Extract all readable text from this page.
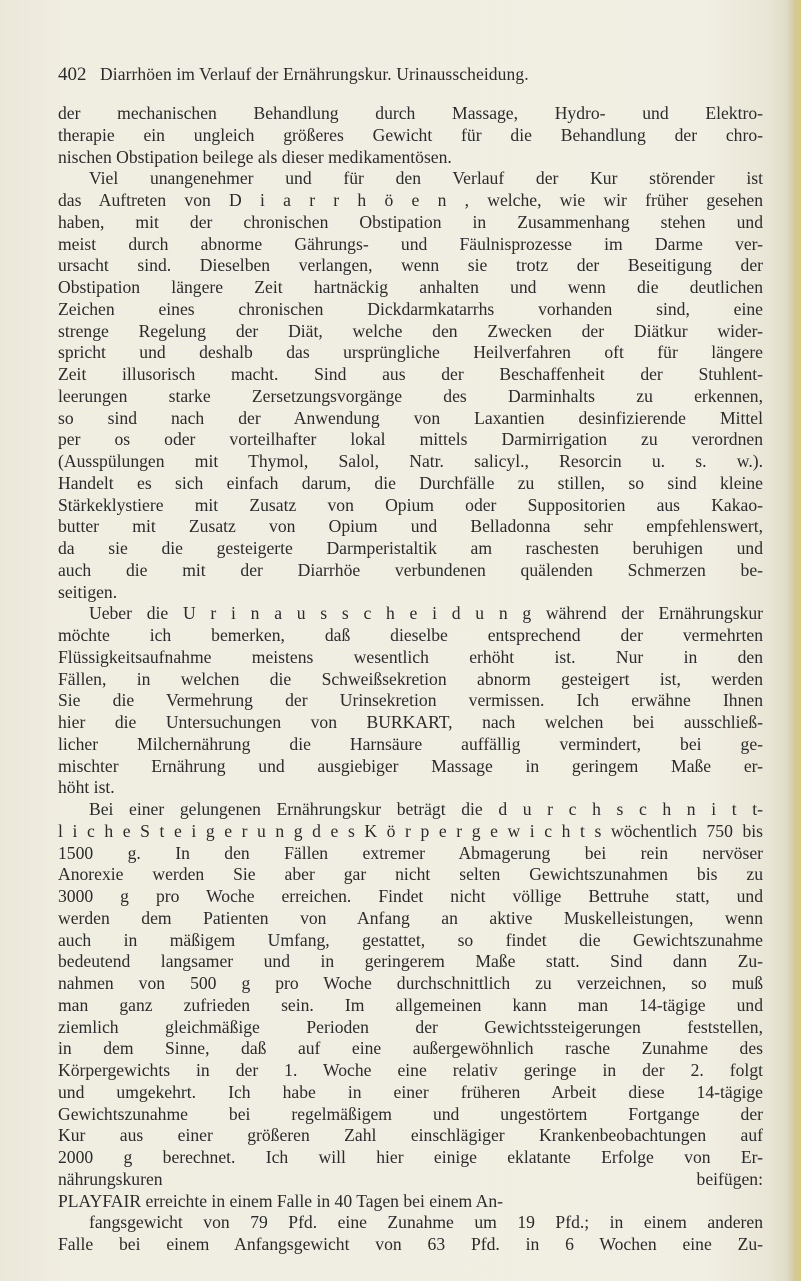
402 Diarrhöen im Verlauf der Ernährungskur. Urinausscheidung.
der mechanischen Behandlung durch Massage, Hydro- und Elektro-
therapie ein ungleich größeres Gewicht für die Behandlung der chro-
nischen Obstipation beilege als dieser medikamentösen.
Viel unangenehmer und für den Verlauf der Kur störender ist
das Auftreten von D i a r r h ö e n , welche, wie wir früher gesehen
haben, mit der chronischen Obstipation in Zusammenhang stehen und
meist durch abnorme Gährungs- und Fäulnisprozesse im Darme ver-
ursacht sind. Dieselben verlangen, wenn sie trotz der Beseitigung der
Obstipation längere Zeit hartnäckig anhalten und wenn die deutlichen
Zeichen eines chronischen Dickdarmkatarrhs vorhanden sind, eine
strenge Regelung der Diät, welche den Zwecken der Diätkur wider-
spricht und deshalb das ursprüngliche Heilverfahren oft für längere
Zeit illusorisch macht. Sind aus der Beschaffenheit der Stuhlent-
leerungen starke Zersetzungsvorgänge des Darminhalts zu erkennen,
so sind nach der Anwendung von Laxantien desinfizierende Mittel
per os oder vorteilhafter lokal mittels Darmirrigation zu verordnen
(Ausspülungen mit Thymol, Salol, Natr. salicyl., Resorcin u. s. w.).
Handelt es sich einfach darum, die Durchfälle zu stillen, so sind kleine
Stärkeklystiere mit Zusatz von Opium oder Suppositorien aus Kakao-
butter mit Zusatz von Opium und Belladonna sehr empfehlenswert,
da sie die gesteigerte Darmperistaltik am raschesten beruhigen und
auch die mit der Diarrhöe verbundenen quälenden Schmerzen be-
seitigen.
Ueber die U r i n a u s s c h e i d u n g während der Ernährungskur
möchte ich bemerken, daß dieselbe entsprechend der vermehrten
Flüssigkeitsaufnahme meistens wesentlich erhöht ist. Nur in den
Fällen, in welchen die Schweißsekretion abnorm gesteigert ist, werden
Sie die Vermehrung der Urinsekretion vermissen. Ich erwähne Ihnen
hier die Untersuchungen von BURKART, nach welchen bei ausschließ-
licher Milchernährung die Harnsäure auffällig vermindert, bei ge-
mischter Ernährung und ausgiebiger Massage in geringem Maße er-
höht ist.
Bei einer gelungenen Ernährungskur beträgt die d u r c h s c h n i t t-
l i c h e S t e i g e r u n g d e s K ö r p e r g e w i c h t s wöchentlich 750 bis
1500 g. In den Fällen extremer Abmagerung bei rein nervöser
Anorexie werden Sie aber gar nicht selten Gewichtszunahmen bis zu
3000 g pro Woche erreichen. Findet nicht völlige Bettruhe statt, und
werden dem Patienten von Anfang an aktive Muskelleistungen, wenn
auch in mäßigem Umfang, gestattet, so findet die Gewichtszunahme
bedeutend langsamer und in geringerem Maße statt. Sind dann Zu-
nahmen von 500 g pro Woche durchschnittlich zu verzeichnen, so muß
man ganz zufrieden sein. Im allgemeinen kann man 14-tägige und
ziemlich gleichmäßige Perioden der Gewichtssteigerungen feststellen,
in dem Sinne, daß auf eine außergewöhnlich rasche Zunahme des
Körpergewichts in der 1. Woche eine relativ geringe in der 2. folgt
und umgekehrt. Ich habe in einer früheren Arbeit diese 14-tägige
Gewichtszunahme bei regelmäßigem und ungestörtem Fortgange der
Kur aus einer größeren Zahl einschlägiger Krankenbeobachtungen auf
2000 g berechnet. Ich will hier einige eklatante Erfolge von Er-
nährungskuren beifügen:
PLAYFAIR erreichte in einem Falle in 40 Tagen bei einem An-
fangsgewicht von 79 Pfd. eine Zunahme um 19 Pfd.; in einem anderen
Falle bei einem Anfangsgewicht von 63 Pfd. in 6 Wochen eine Zu-
